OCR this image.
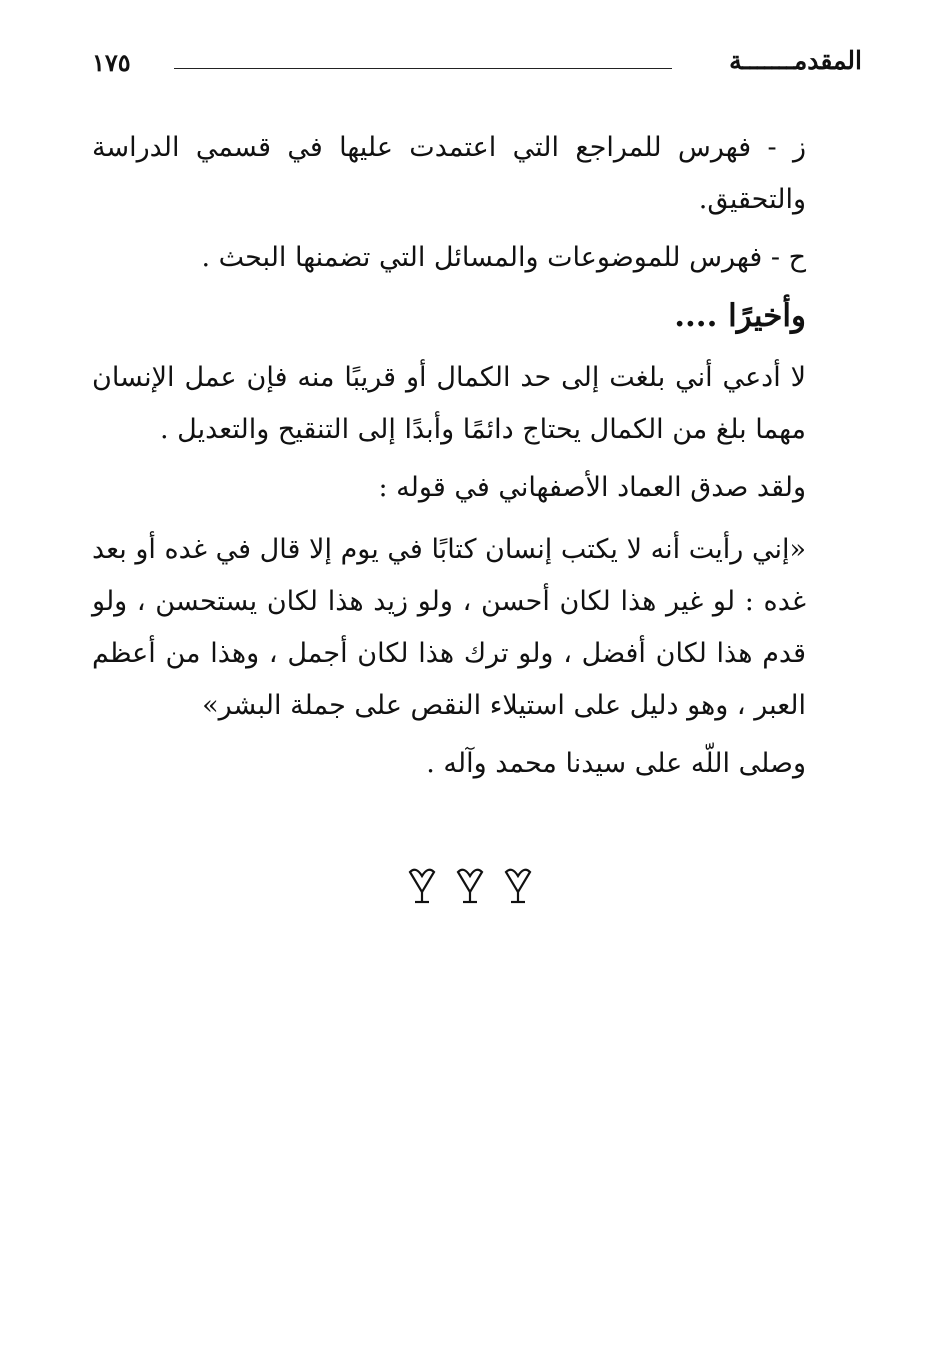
١٧٥	المقدمـــــــة

ز - فهرس للمراجع التي اعتمدت عليها في قسمي الدراسة والتحقيق.

ح - فهرس للموضوعات والمسائل التي تضمنها البحث .

وأخيرًا ....

لا أدعي أني بلغت إلى حد الكمال أو قريبًا منه فإن عمل الإنسان مهما بلغ من الكمال يحتاج دائمًا وأبدًا إلى التنقيح والتعديل .

ولقد صدق العماد الأصفهاني في قوله :

«إني رأيت أنه لا يكتب إنسان كتابًا في يوم إلا قال في غده أو بعد غده : لو غير هذا لكان أحسن ، ولو زيد هذا لكان يستحسن ، ولو قدم هذا لكان أفضل ، ولو ترك هذا لكان أجمل ، وهذا من أعظم العبر ، وهو دليل على استيلاء النقص على جملة البشر»

وصلى اللّه على سيدنا محمد وآله .
